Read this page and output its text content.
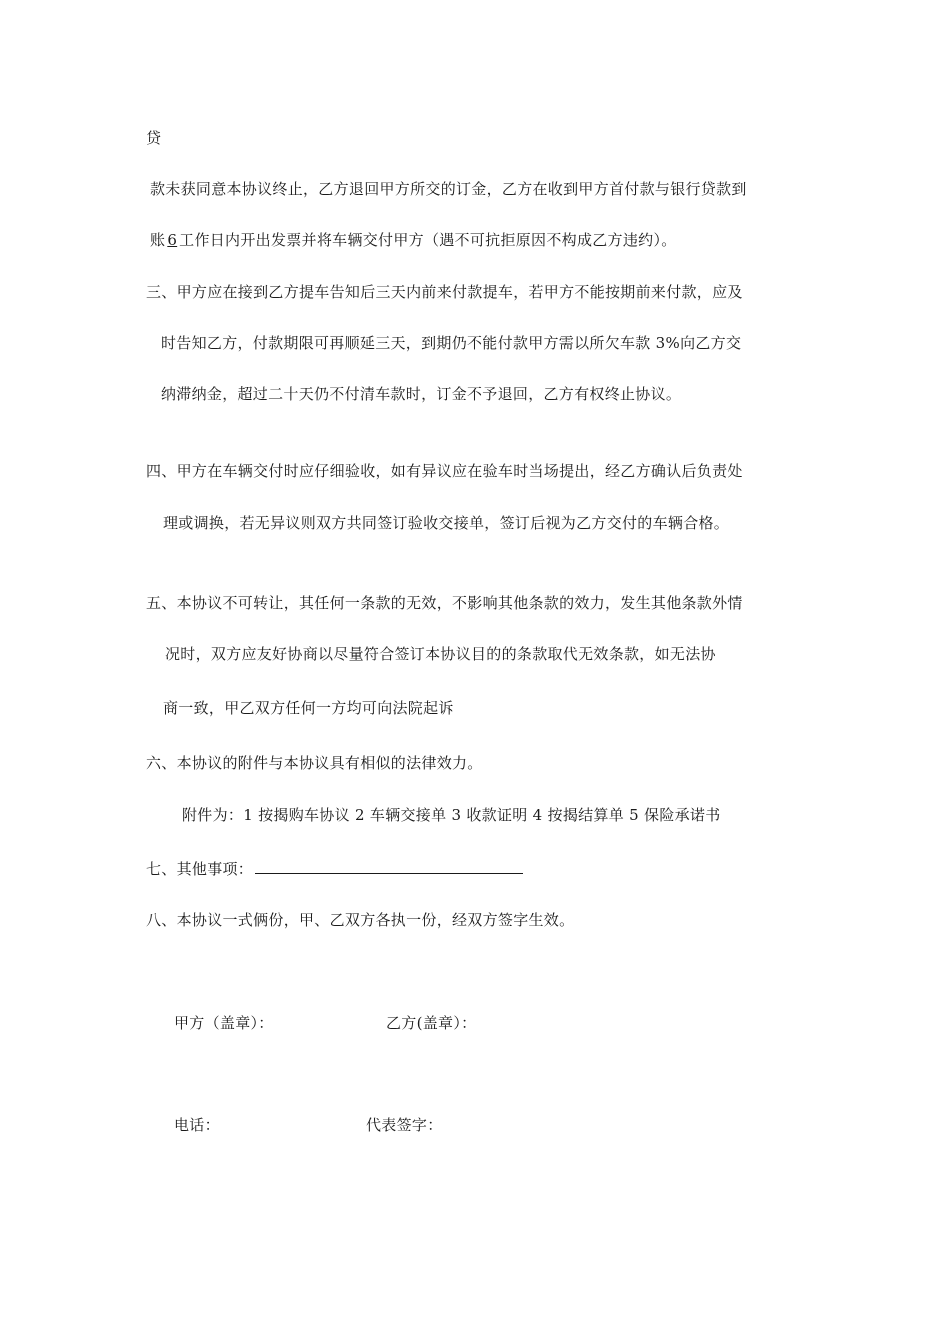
贷
款未获同意本协议终止，乙方退回甲方所交的订金，乙方在收到甲方首付款与银行贷款到
账 6 工作日内开出发票并将车辆交付甲方（遇不可抗拒原因不构成乙方违约）。
三、甲方应在接到乙方提车告知后三天内前来付款提车，若甲方不能按期前来付款，应及
时告知乙方，付款期限可再顺延三天，到期仍不能付款甲方需以所欠车款 3%向乙方交
纳滞纳金，超过二十天仍不付清车款时，订金不予退回，乙方有权终止协议。
四、甲方在车辆交付时应仔细验收，如有异议应在验车时当场提出，经乙方确认后负责处
理或调换，若无异议则双方共同签订验收交接单，签订后视为乙方交付的车辆合格。
五、本协议不可转让，其任何一条款的无效，不影响其他条款的效力，发生其他条款外情
况时，双方应友好协商以尽量符合签订本协议目的的条款取代无效条款，如无法协
商一致，甲乙双方任何一方均可向法院起诉
六、本协议的附件与本协议具有相似的法律效力。
附件为：1 按揭购车协议 2 车辆交接单 3 收款证明 4 按揭结算单 5 保险承诺书
七、其他事项：
八、本协议一式俩份，甲、乙双方各执一份，经双方签字生效。
甲方（盖章）：	乙方(盖章）：
电话：	代表签字：
